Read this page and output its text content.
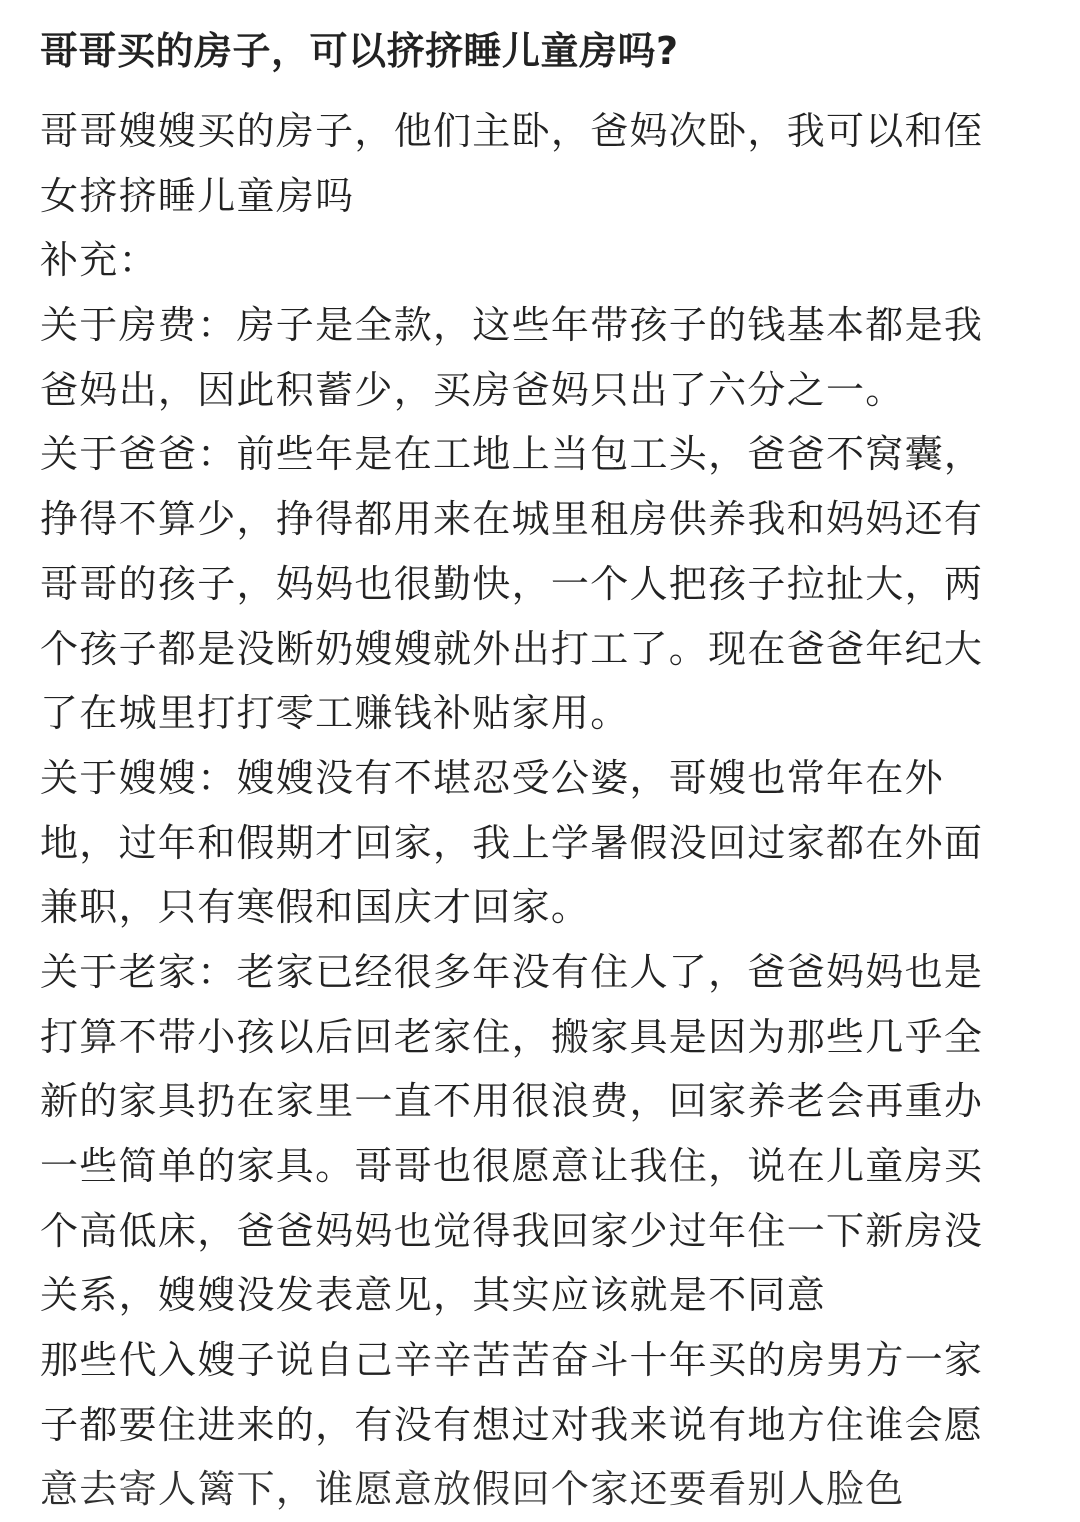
哥哥买的房子，可以挤挤睡儿童房吗?
哥哥嫂嫂买的房子，他们主卧，爸妈次卧，我可以和侄
女挤挤睡儿童房吗
补充：
关于房费：房子是全款，这些年带孩子的钱基本都是我
爸妈出，因此积蓄少，买房爸妈只出了六分之一。
关于爸爸：前些年是在工地上当包工头，爸爸不窝囊，
挣得不算少，挣得都用来在城里租房供养我和妈妈还有
哥哥的孩子，妈妈也很勤快，一个人把孩子拉扯大，两
个孩子都是没断奶嫂嫂就外出打工了。现在爸爸年纪大
了在城里打打零工赚钱补贴家用。
关于嫂嫂：嫂嫂没有不堪忍受公婆，哥嫂也常年在外
地，过年和假期才回家，我上学暑假没回过家都在外面
兼职，只有寒假和国庆才回家。
关于老家：老家已经很多年没有住人了，爸爸妈妈也是
打算不带小孩以后回老家住，搬家具是因为那些几乎全
新的家具扔在家里一直不用很浪费，回家养老会再重办
一些简单的家具。哥哥也很愿意让我住，说在儿童房买
个高低床，爸爸妈妈也觉得我回家少过年住一下新房没
关系，嫂嫂没发表意见，其实应该就是不同意
那些代入嫂子说自己辛辛苦苦奋斗十年买的房男方一家
子都要住进来的，有没有想过对我来说有地方住谁会愿
意去寄人篱下，谁愿意放假回个家还要看别人脸色
